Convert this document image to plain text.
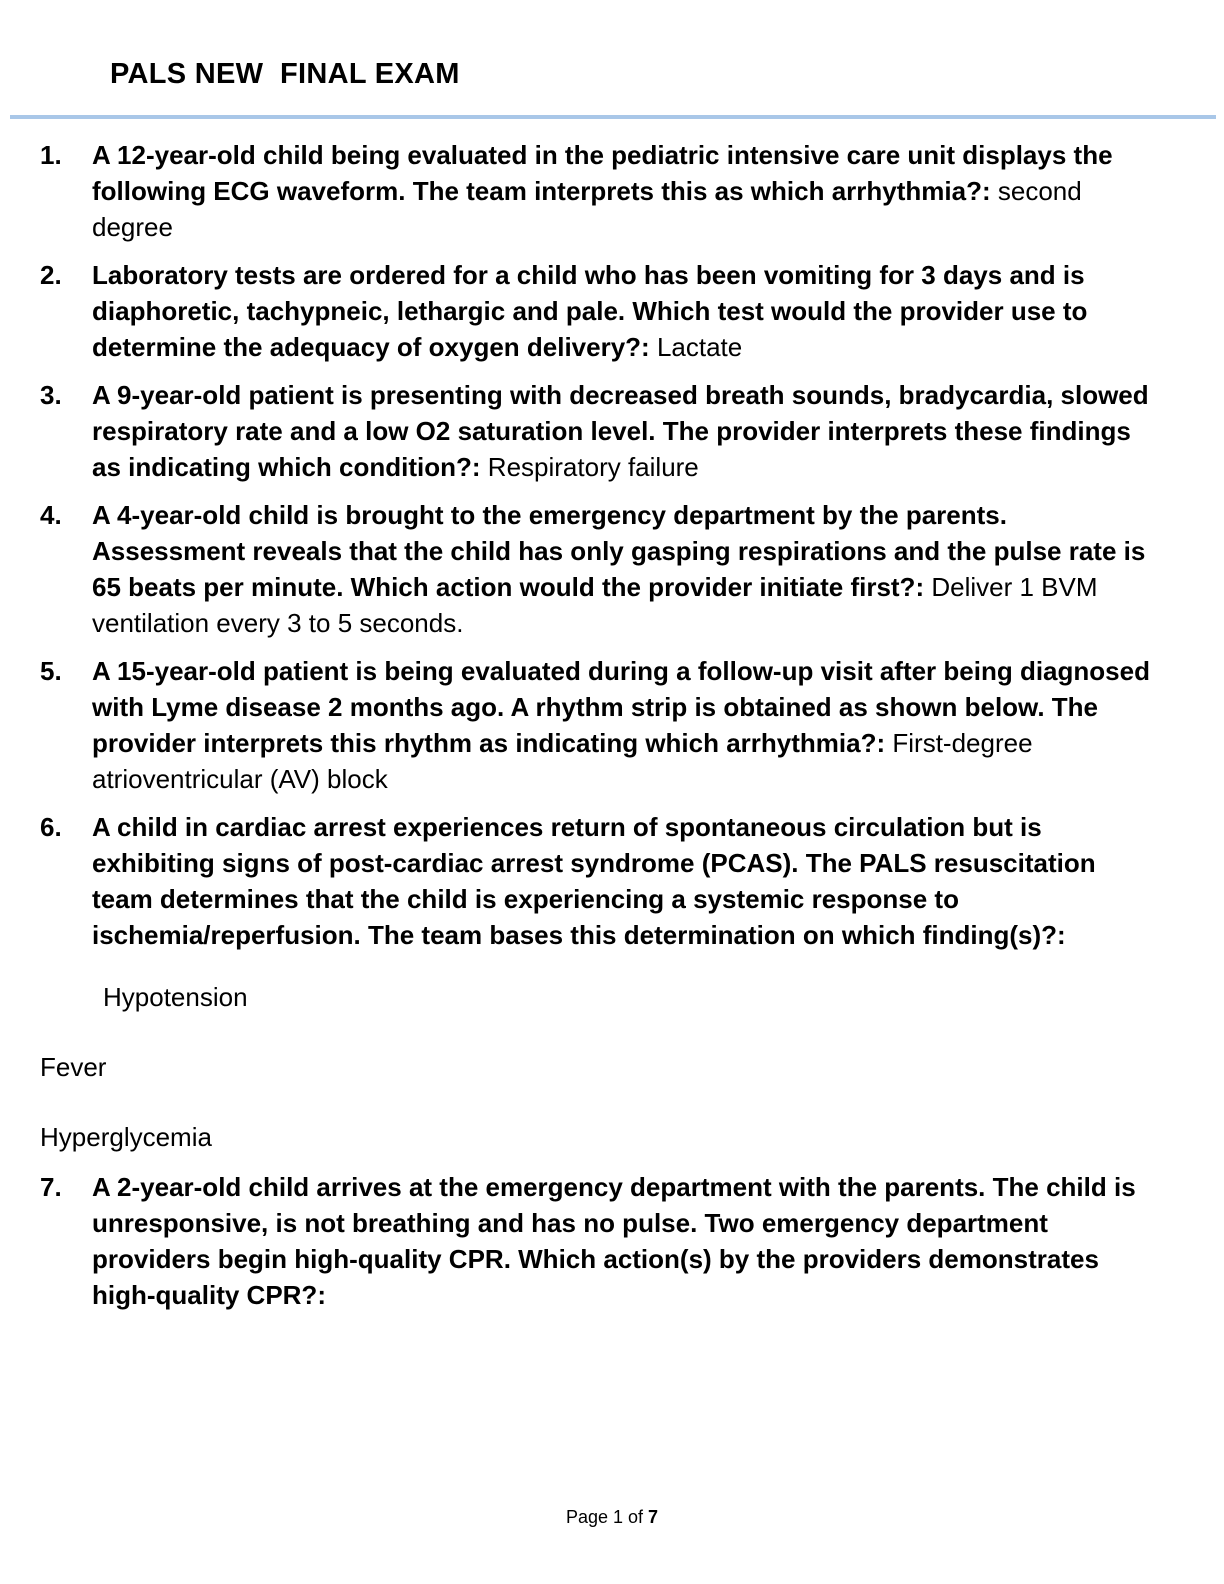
PALS NEW  FINAL EXAM
1.	A 12-year-old child being evaluated in the pediatric intensive care unit displays the following ECG waveform. The team interprets this as which arrhythmia?: second degree
2.	Laboratory tests are ordered for a child who has been vomiting for 3 days and is diaphoretic, tachypneic, lethargic and pale. Which test would the provider use to determine the adequacy of oxygen delivery?: Lactate
3.	A 9-year-old patient is presenting with decreased breath sounds, bradycardia, slowed respiratory rate and a low O2 saturation level. The provider interprets these findings as indicating which condition?: Respiratory failure
4.	A 4-year-old child is brought to the emergency department by the parents. Assessment reveals that the child has only gasping respirations and the pulse rate is 65 beats per minute. Which action would the provider initiate first?: Deliver 1 BVM ventilation every 3 to 5 seconds.
5.	A 15-year-old patient is being evaluated during a follow-up visit after being diagnosed with Lyme disease 2 months ago. A rhythm strip is obtained as shown below. The provider interprets this rhythm as indicating which arrhythmia?: First-degree atrioventricular (AV) block
6.	A child in cardiac arrest experiences return of spontaneous circulation but is exhibiting signs of post-cardiac arrest syndrome (PCAS). The PALS resuscitation team determines that the child is experiencing a systemic response to ischemia/reperfusion. The team bases this determination on which finding(s)?:

Hypotension

Fever

Hyperglycemia

7.	A 2-year-old child arrives at the emergency department with the parents. The child is unresponsive, is not breathing and has no pulse. Two emergency department providers begin high-quality CPR. Which action(s) by the providers demonstrates high-quality CPR?:
Page 1 of 7
